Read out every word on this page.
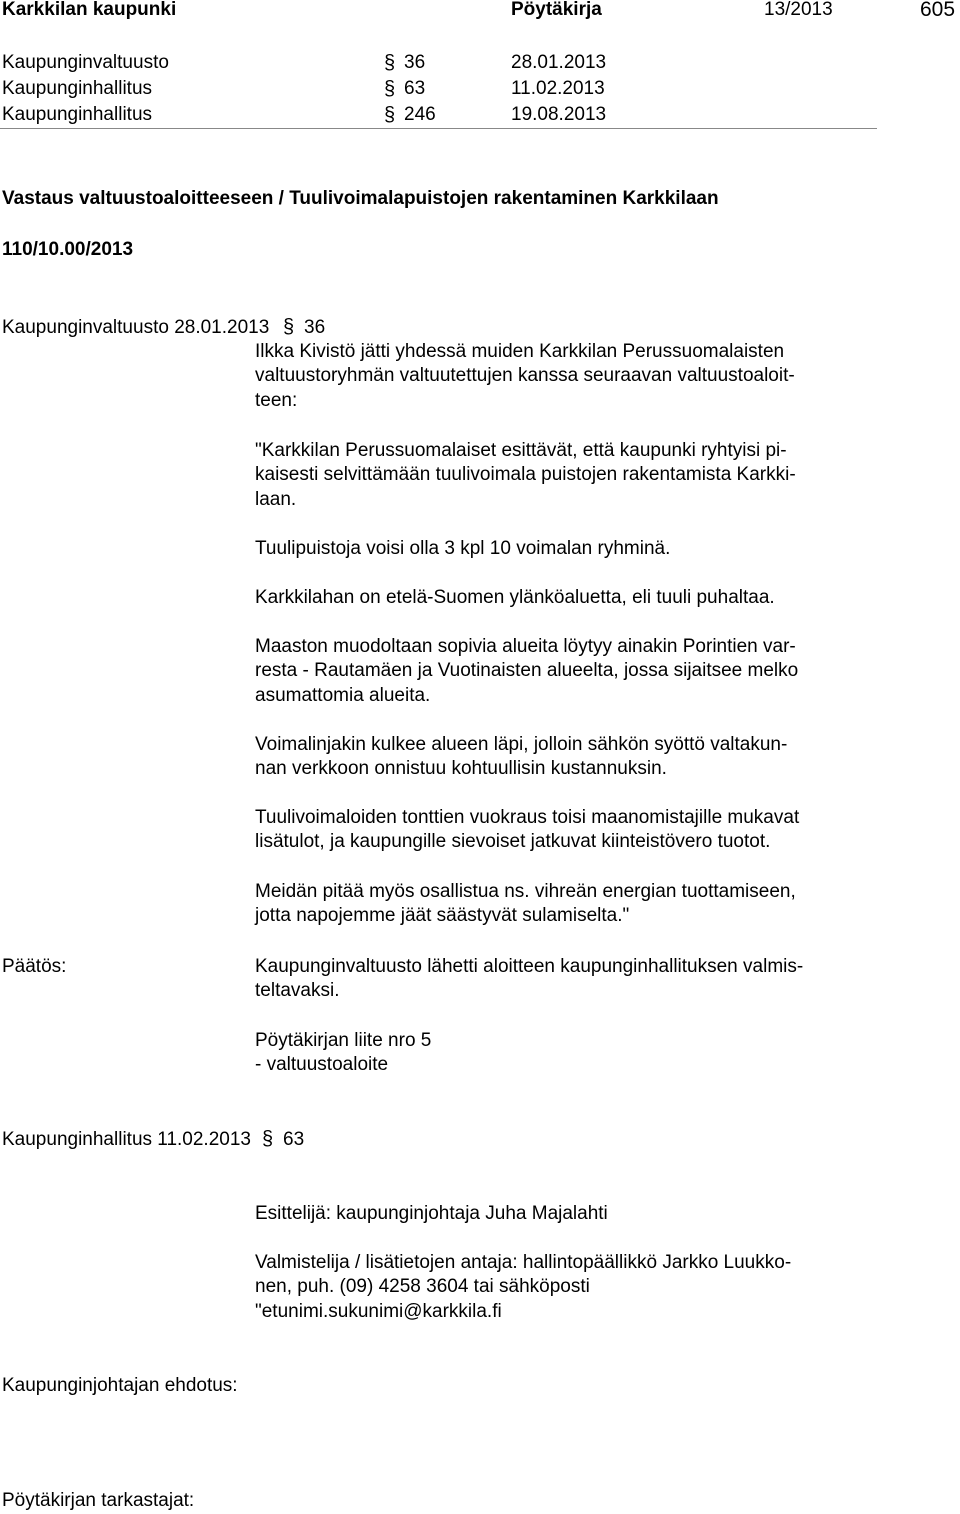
Karkkilan kaupunki	Pöytäkirja	13/2013	605
Kaupunginvaltuusto	§ 36	28.01.2013
Kaupunginhallitus	§ 63	11.02.2013
Kaupunginhallitus	§ 246	19.08.2013
Vastaus valtuustoaloitteeseen / Tuulivoimalapuistojen rakentaminen Karkkilaan
110/10.00/2013
Kaupunginvaltuusto 28.01.2013 § 36
Ilkka Kivistö jätti yhdessä muiden Karkkilan Perussuomalaisten
valtuustoryhmän valtuutettujen kanssa seuraavan valtuustoaloit-
teen:
"Karkkilan Perussuomalaiset esittävät, että kaupunki ryhtyisi pi-
kaisesti selvittämään tuulivoimala puistojen rakentamista Karkki-
laan.
Tuulipuistoja voisi olla 3 kpl 10 voimalan ryhminä.
Karkkilahan on etelä-Suomen ylänköaluetta, eli tuuli puhaltaa.
Maaston muodoltaan sopivia alueita löytyy ainakin Porintien var-
resta - Rautamäen ja Vuotinaisten alueelta, jossa sijaitsee melko
asumattomia alueita.
Voimalinjakin kulkee alueen läpi, jolloin sähkön syöttö valtakun-
nan verkkoon onnistuu kohtuullisin kustannuksin.
Tuulivoimaloiden tonttien vuokraus toisi maanomistajille mukavat
lisätulot, ja kaupungille sievoiset jatkuvat kiinteistövero tuotot.
Meidän pitää myös osallistua ns. vihreän energian tuottamiseen,
jotta napojemme jäät säästyvät sulamiselta."
Päätös:	Kaupunginvaltuusto lähetti aloitteen kaupunginhallituksen valmis-
teltavaksi.
Pöytäkirjan liite nro 5
- valtuustoaloite
Kaupunginhallitus 11.02.2013 § 63
Esittelijä: kaupunginjohtaja Juha Majalahti
Valmistelija / lisätietojen antaja: hallintopäällikkö Jarkko Luukko-
nen, puh. (09) 4258 3604 tai sähköposti
"etunimi.sukunimi@karkkila.fi
Kaupunginjohtajan ehdotus:
Pöytäkirjan tarkastajat:
